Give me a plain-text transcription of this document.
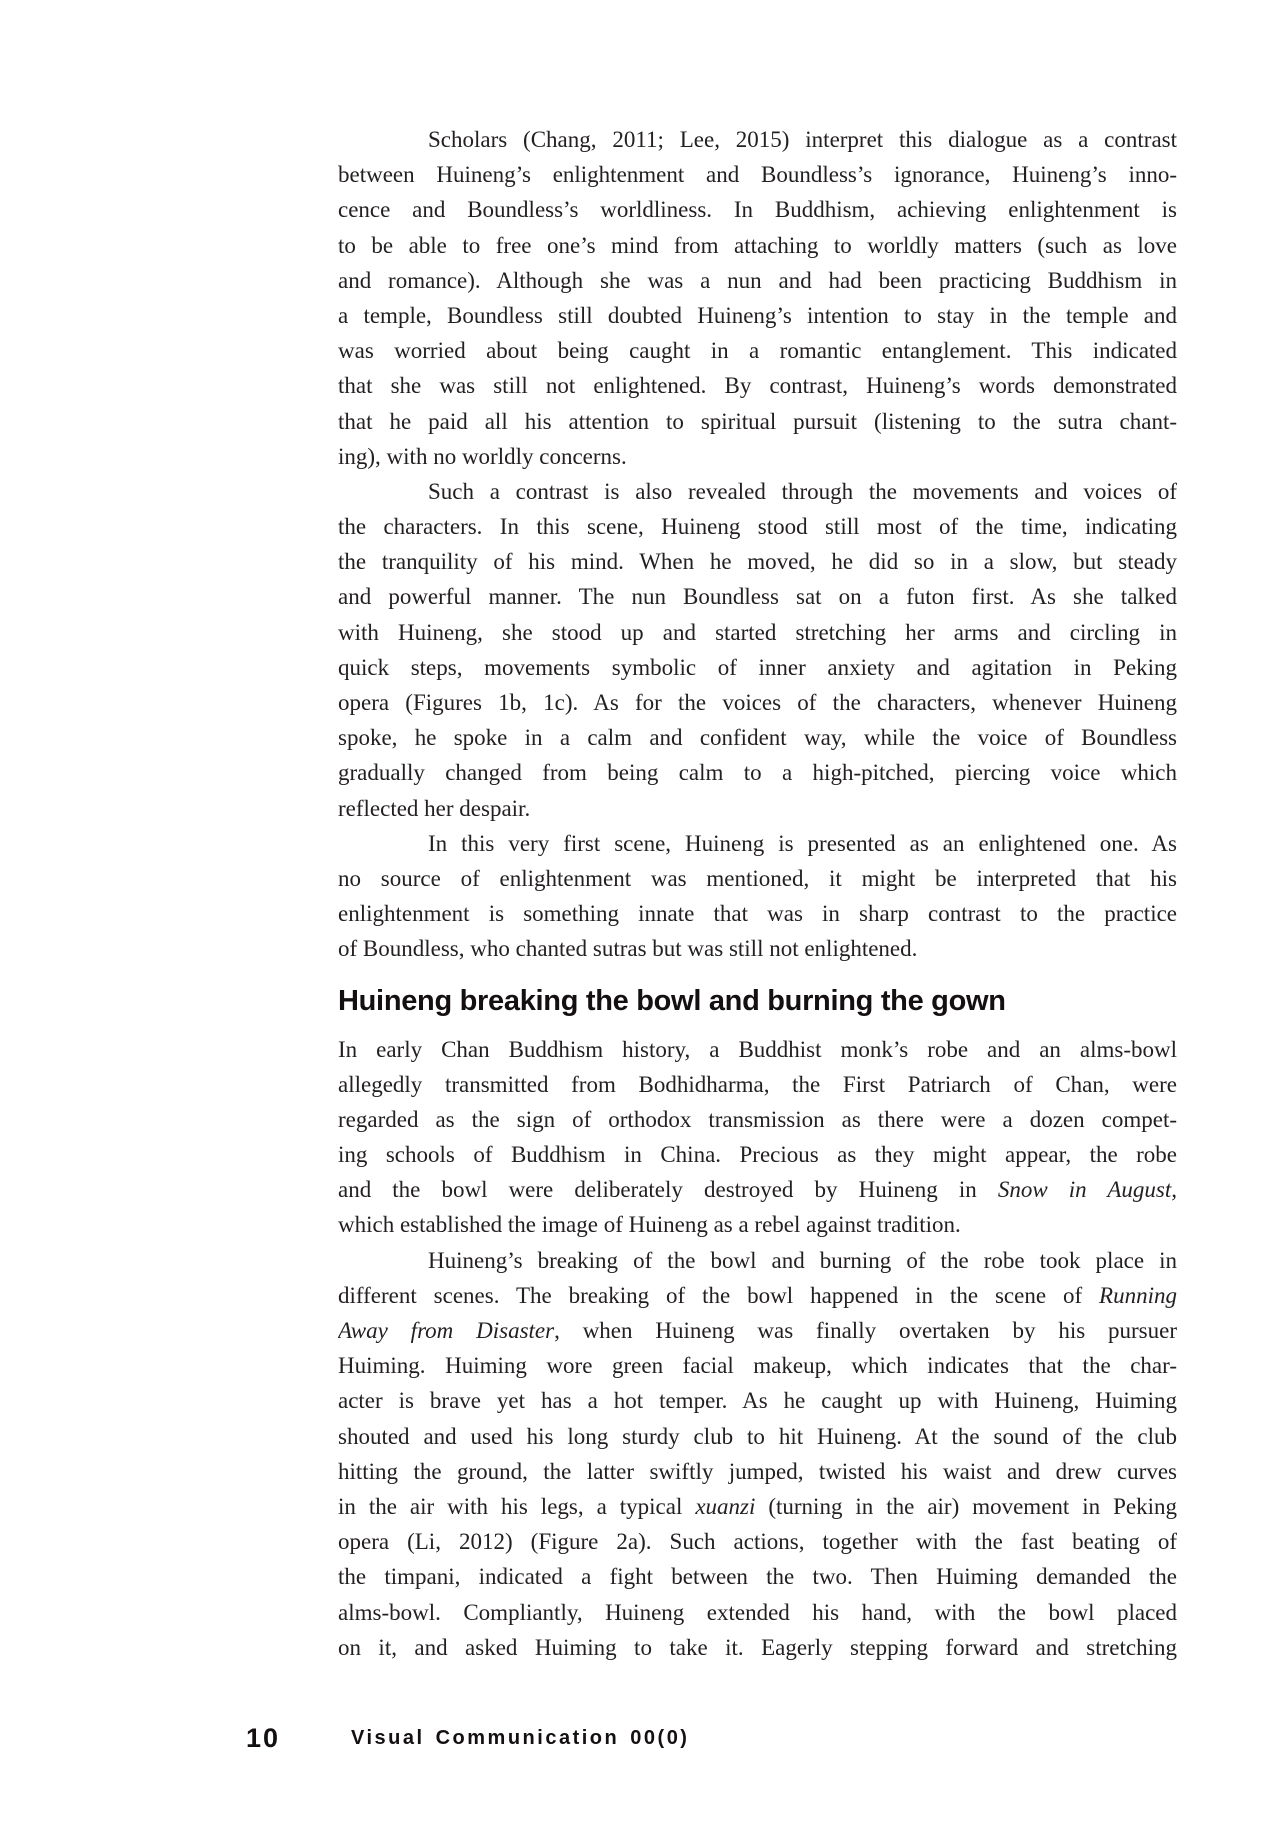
Scholars (Chang, 2011; Lee, 2015) interpret this dialogue as a contrast
between Huineng’s enlightenment and Boundless’s ignorance, Huineng’s inno-
cence and Boundless’s worldliness. In Buddhism, achieving enlightenment is
to be able to free one’s mind from attaching to worldly matters (such as love
and romance). Although she was a nun and had been practicing Buddhism in
a temple, Boundless still doubted Huineng’s intention to stay in the temple and
was worried about being caught in a romantic entanglement. This indicated
that she was still not enlightened. By contrast, Huineng’s words demonstrated
that he paid all his attention to spiritual pursuit (listening to the sutra chant-
ing), with no worldly concerns.

Such a contrast is also revealed through the movements and voices of
the characters. In this scene, Huineng stood still most of the time, indicating
the tranquility of his mind. When he moved, he did so in a slow, but steady
and powerful manner. The nun Boundless sat on a futon first. As she talked
with Huineng, she stood up and started stretching her arms and circling in
quick steps, movements symbolic of inner anxiety and agitation in Peking
opera (Figures 1b, 1c). As for the voices of the characters, whenever Huineng
spoke, he spoke in a calm and confident way, while the voice of Boundless
gradually changed from being calm to a high-pitched, piercing voice which
reflected her despair.

In this very first scene, Huineng is presented as an enlightened one. As
no source of enlightenment was mentioned, it might be interpreted that his
enlightenment is something innate that was in sharp contrast to the practice
of Boundless, who chanted sutras but was still not enlightened.

Huineng breaking the bowl and burning the gown

In early Chan Buddhism history, a Buddhist monk’s robe and an alms-bowl
allegedly transmitted from Bodhidharma, the First Patriarch of Chan, were
regarded as the sign of orthodox transmission as there were a dozen compet-
ing schools of Buddhism in China. Precious as they might appear, the robe
and the bowl were deliberately destroyed by Huineng in Snow in August,
which established the image of Huineng as a rebel against tradition.

Huineng’s breaking of the bowl and burning of the robe took place in
different scenes. The breaking of the bowl happened in the scene of Running
Away from Disaster, when Huineng was finally overtaken by his pursuer
Huiming. Huiming wore green facial makeup, which indicates that the char-
acter is brave yet has a hot temper. As he caught up with Huineng, Huiming
shouted and used his long sturdy club to hit Huineng. At the sound of the club
hitting the ground, the latter swiftly jumped, twisted his waist and drew curves
in the air with his legs, a typical xuanzi (turning in the air) movement in Peking
opera (Li, 2012) (Figure 2a). Such actions, together with the fast beating of
the timpani, indicated a fight between the two. Then Huiming demanded the
alms-bowl. Compliantly, Huineng extended his hand, with the bowl placed
on it, and asked Huiming to take it. Eagerly stepping forward and stretching

10	Visual Communication 00(0)
